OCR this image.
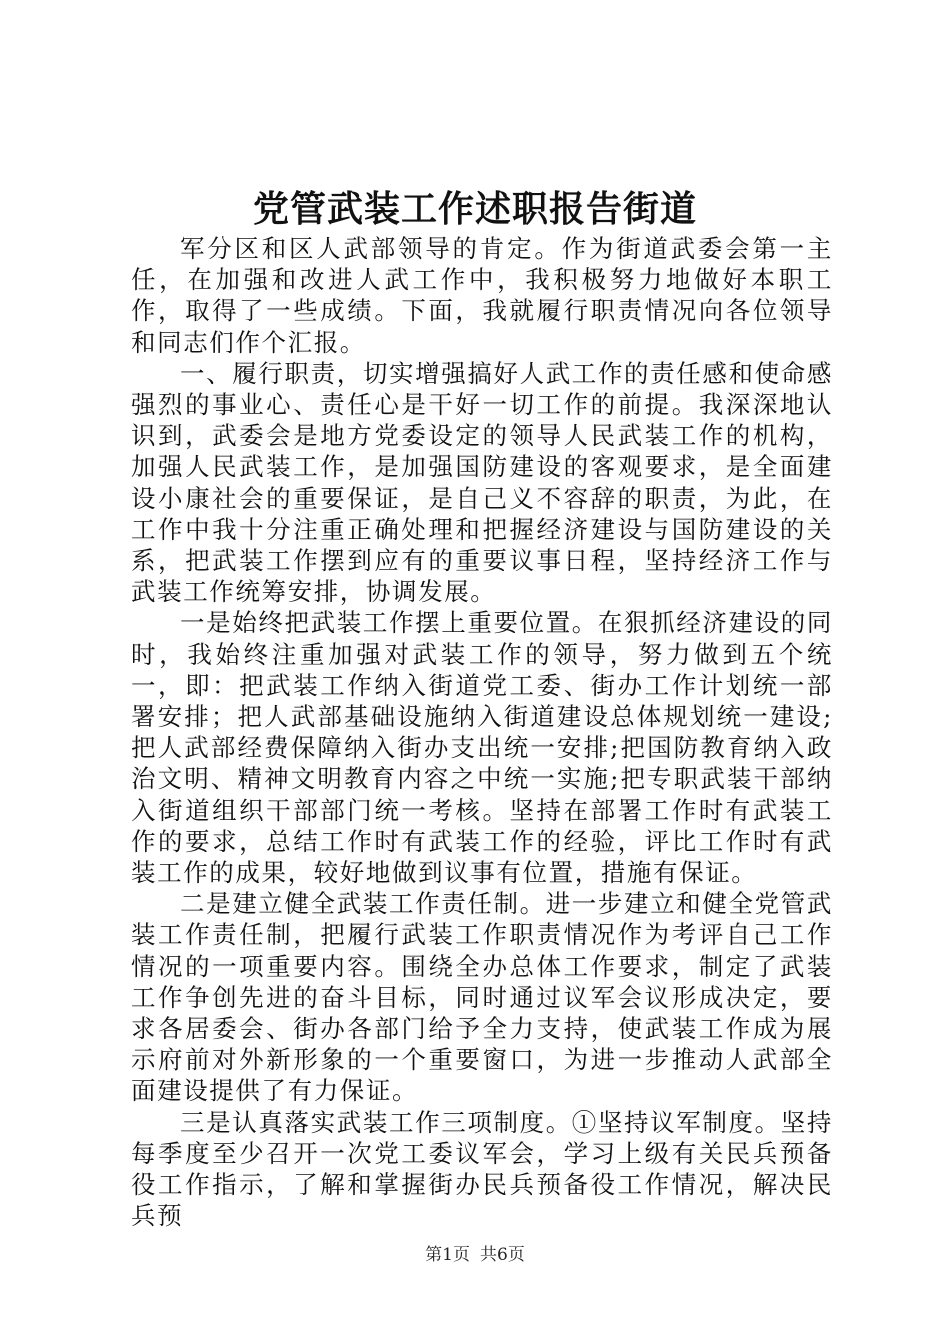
党管武装工作述职报告街道

军分区和区人武部领导的肯定。作为街道武委会第一主任，在加强和改进人武工作中，我积极努力地做好本职工作，取得了一些成绩。下面，我就履行职责情况向各位领导和同志们作个汇报。

一、履行职责，切实增强搞好人武工作的责任感和使命感强烈的事业心、责任心是干好一切工作的前提。我深深地认识到，武委会是地方党委设定的领导人民武装工作的机构，加强人民武装工作，是加强国防建设的客观要求，是全面建设小康社会的重要保证，是自己义不容辞的职责，为此，在工作中我十分注重正确处理和把握经济建设与国防建设的关系，把武装工作摆到应有的重要议事日程，坚持经济工作与武装工作统筹安排，协调发展。

一是始终把武装工作摆上重要位置。在狠抓经济建设的同时，我始终注重加强对武装工作的领导，努力做到五个统一，即：把武装工作纳入街道党工委、街办工作计划统一部署安排；把人武部基础设施纳入街道建设总体规划统一建设;把人武部经费保障纳入街办支出统一安排;把国防教育纳入政治文明、精神文明教育内容之中统一实施;把专职武装干部纳入街道组织干部部门统一考核。坚持在部署工作时有武装工作的要求，总结工作时有武装工作的经验，评比工作时有武装工作的成果，较好地做到议事有位置，措施有保证。

二是建立健全武装工作责任制。进一步建立和健全党管武装工作责任制，把履行武装工作职责情况作为考评自己工作情况的一项重要内容。围绕全办总体工作要求，制定了武装工作争创先进的奋斗目标，同时通过议军会议形成决定，要求各居委会、街办各部门给予全力支持，使武装工作成为展示府前对外新形象的一个重要窗口，为进一步推动人武部全面建设提供了有力保证。

三是认真落实武装工作三项制度。①坚持议军制度。坚持每季度至少召开一次党工委议军会，学习上级有关民兵预备役工作指示，了解和掌握街办民兵预备役工作情况，解决民兵预

第1页 共6页
